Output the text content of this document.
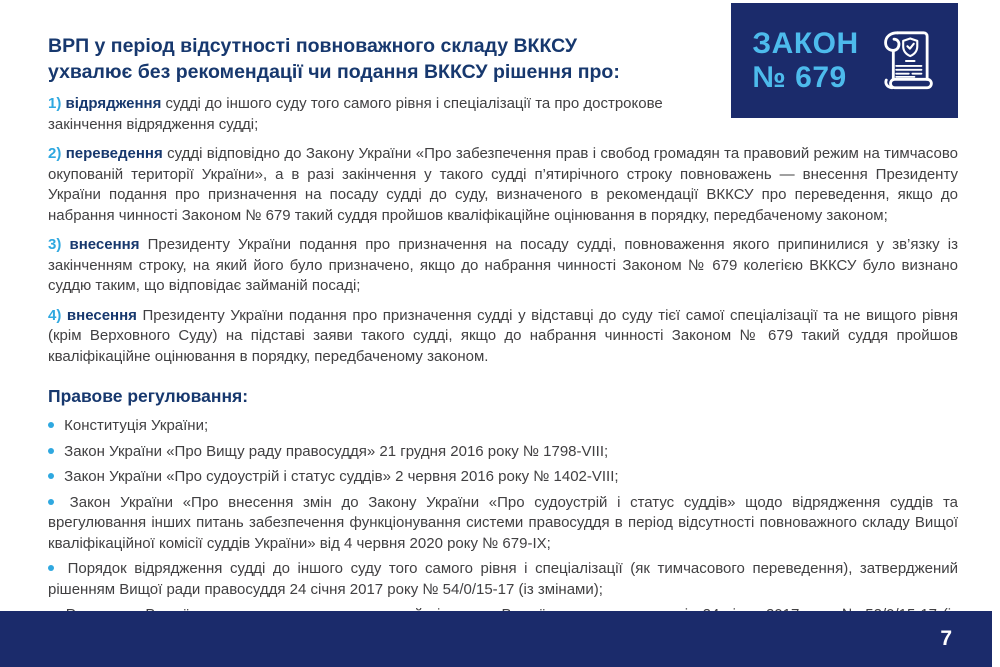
ЗАКОН
№ 679
ВРП у період відсутності повноважного складу ВККСУ
ухвалює без рекомендації чи подання ВККСУ рішення про:

1) відрядження судді до іншого суду того самого рівня і спеціалізації та про дострокове закінчення відрядження судді;

2) переведення судді відповідно до Закону України «Про забезпечення прав і свобод громадян та правовий режим на тимчасово окупованій території України», а в разі закінчення у такого судді п’ятирічного строку повноважень — внесення Президенту України подання про призначення на посаду судді до суду, визначеного в рекомендації ВККСУ про переведення, якщо до набрання чинності Законом № 679 такий суддя пройшов кваліфікаційне оцінювання в порядку, передбаченому законом;

3) внесення Президенту України подання про призначення на посаду судді, повноваження якого припинилися у зв’язку із закінченням строку, на який його було призначено, якщо до набрання чинності Законом № 679 колегією ВККСУ було визнано суддю таким, що відповідає займаній посаді;

4) внесення Президенту України подання про призначення судді у відставці до суду тієї самої спеціалізації та не вищого рівня (крім Верховного Суду) на підставі заяви такого судді, якщо до набрання чинності Законом № 679 такий суддя пройшов кваліфікаційне оцінювання в порядку, передбаченому законом.

Правове регулювання:

Конституція України;

Закон України «Про Вищу раду правосуддя» 21 грудня 2016 року № 1798-VIII;

Закон України «Про судоустрій і статус суддів» 2 червня 2016 року № 1402-VIII;

Закон України «Про внесення змін до Закону України «Про судоустрій і статус суддів» щодо відрядження суддів та врегулювання інших питань забезпечення функціонування системи правосуддя в період відсутності повноважного складу Вищої кваліфікаційної комісії суддів України» від 4 червня 2020 року № 679-IX;

Порядок відрядження судді до іншого суду того самого рівня і спеціалізації (як тимчасового переведення), затверджений рішенням Вищої ради правосуддя 24 січня 2017 року № 54/0/15-17 (із змінами);

7
